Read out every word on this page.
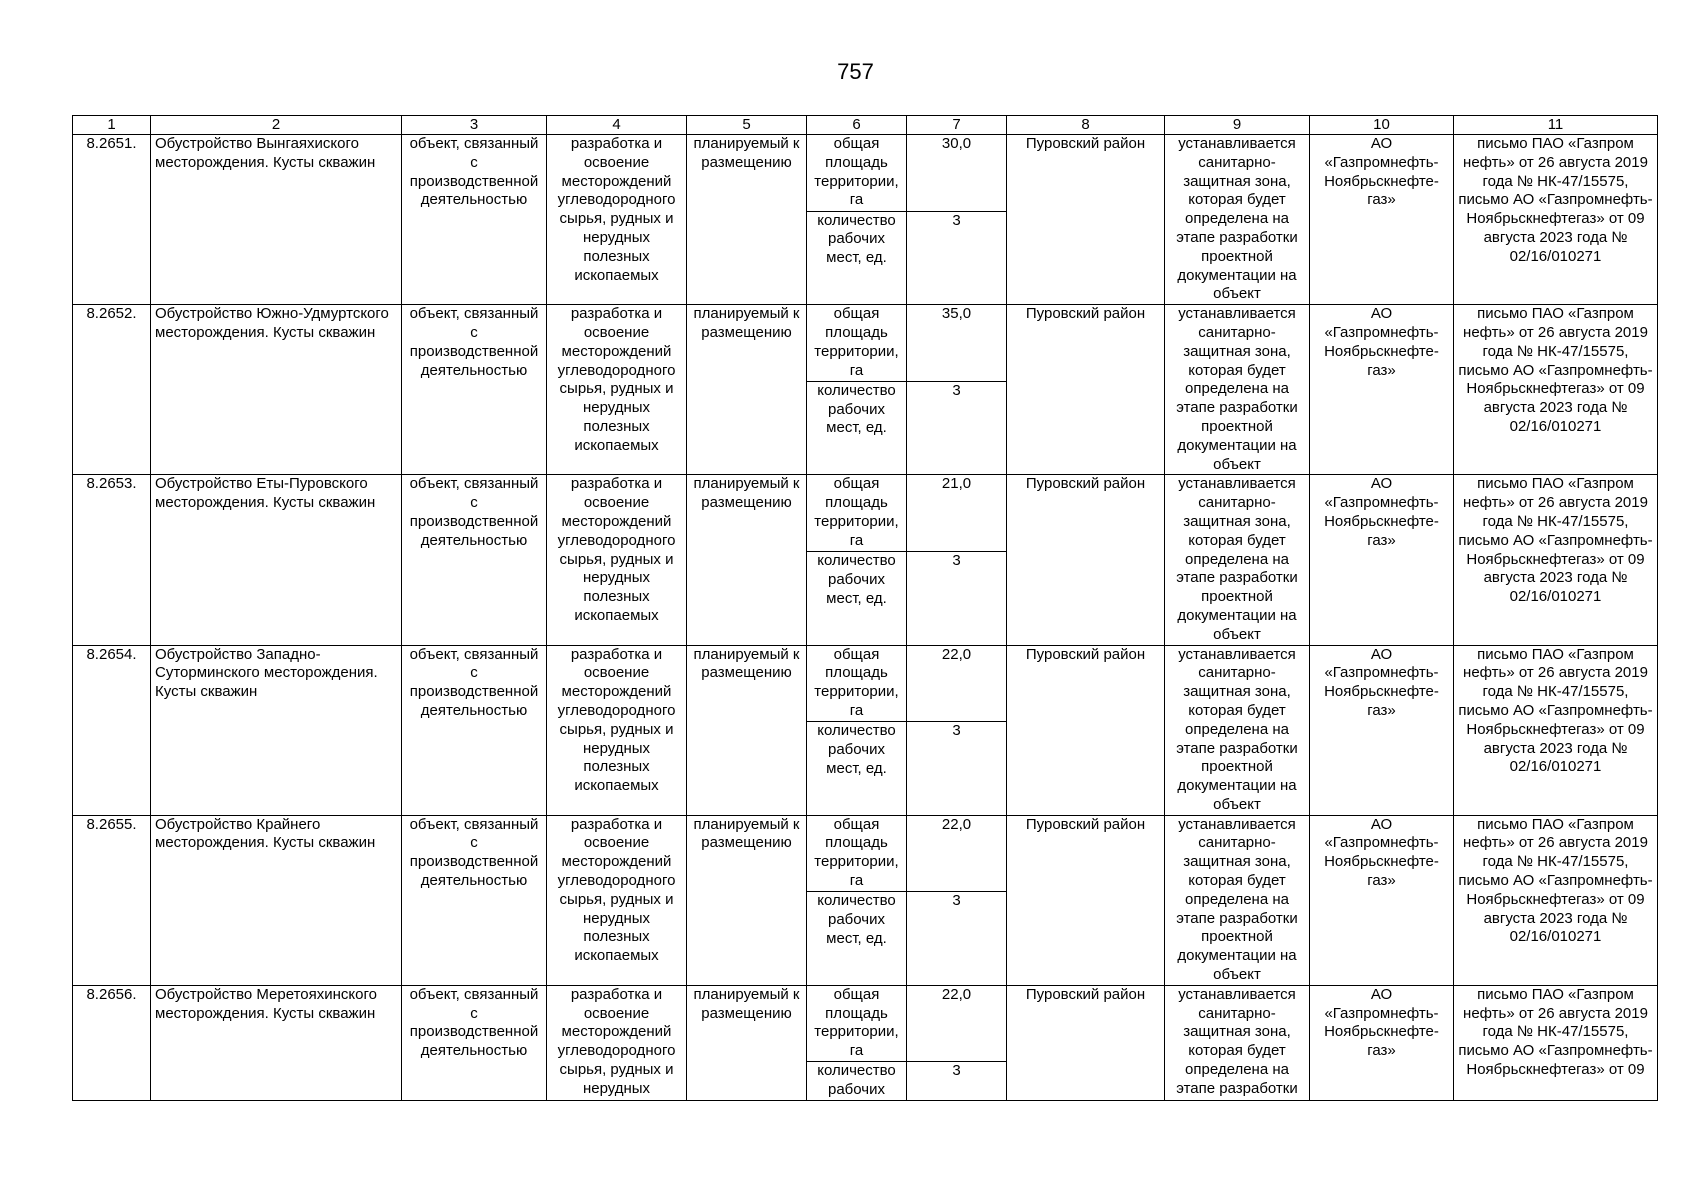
757
1	2	3	4	5	6	7	8	9	10	11
8.2651.	Обустройство Вынгаяхиского месторождения. Кусты скважин	объект, связанный с производственной деятельностью	разработка и освоение месторождений углеводородного сырья, рудных и нерудных полезных ископаемых	планируемый к размещению	общая площадь территории, га	30,0	Пуровский район	устанавливается санитарно-защитная зона, которая будет определена на этапе разработки проектной документации на объект	АО «Газпромнефть-Ноябрьскнефте-газ»	письмо ПАО «Газпром нефть» от 26 августа 2019 года № НК-47/15575, письмо АО «Газпромнефть-Ноябрьскнефтегаз» от 09 августа 2023 года № 02/16/010271
					количество рабочих мест, ед.	3				
8.2652.	Обустройство Южно-Удмуртского месторождения. Кусты скважин	объект, связанный с производственной деятельностью	разработка и освоение месторождений углеводородного сырья, рудных и нерудных полезных ископаемых	планируемый к размещению	общая площадь территории, га	35,0	Пуровский район	устанавливается санитарно-защитная зона, которая будет определена на этапе разработки проектной документации на объект	АО «Газпромнефть-Ноябрьскнефте-газ»	письмо ПАО «Газпром нефть» от 26 августа 2019 года № НК-47/15575, письмо АО «Газпромнефть-Ноябрьскнефтегаз» от 09 августа 2023 года № 02/16/010271
					количество рабочих мест, ед.	3				
8.2653.	Обустройство Еты-Пуровского месторождения. Кусты скважин	объект, связанный с производственной деятельностью	разработка и освоение месторождений углеводородного сырья, рудных и нерудных полезных ископаемых	планируемый к размещению	общая площадь территории, га	21,0	Пуровский район	устанавливается санитарно-защитная зона, которая будет определена на этапе разработки проектной документации на объект	АО «Газпромнефть-Ноябрьскнефте-газ»	письмо ПАО «Газпром нефть» от 26 августа 2019 года № НК-47/15575, письмо АО «Газпромнефть-Ноябрьскнефтегаз» от 09 августа 2023 года № 02/16/010271
					количество рабочих мест, ед.	3				
8.2654.	Обустройство Западно-Суторминского месторождения. Кусты скважин	объект, связанный с производственной деятельностью	разработка и освоение месторождений углеводородного сырья, рудных и нерудных полезных ископаемых	планируемый к размещению	общая площадь территории, га	22,0	Пуровский район	устанавливается санитарно-защитная зона, которая будет определена на этапе разработки проектной документации на объект	АО «Газпромнефть-Ноябрьскнефте-газ»	письмо ПАО «Газпром нефть» от 26 августа 2019 года № НК-47/15575, письмо АО «Газпромнефть-Ноябрьскнефтегаз» от 09 августа 2023 года № 02/16/010271
					количество рабочих мест, ед.	3				
8.2655.	Обустройство Крайнего месторождения. Кусты скважин	объект, связанный с производственной деятельностью	разработка и освоение месторождений углеводородного сырья, рудных и нерудных полезных ископаемых	планируемый к размещению	общая площадь территории, га	22,0	Пуровский район	устанавливается санитарно-защитная зона, которая будет определена на этапе разработки проектной документации на объект	АО «Газпромнефть-Ноябрьскнефте-газ»	письмо ПАО «Газпром нефть» от 26 августа 2019 года № НК-47/15575, письмо АО «Газпромнефть-Ноябрьскнефтегаз» от 09 августа 2023 года № 02/16/010271
					количество рабочих мест, ед.	3				
8.2656.	Обустройство Меретояхинского месторождения. Кусты скважин	объект, связанный с производственной деятельностью	разработка и освоение месторождений углеводородного сырья, рудных и нерудных	планируемый к размещению	общая площадь территории, га	22,0	Пуровский район	устанавливается санитарно-защитная зона, которая будет определена на этапе разработки	АО «Газпромнефть-Ноябрьскнефте-газ»	письмо ПАО «Газпром нефть» от 26 августа 2019 года № НК-47/15575, письмо АО «Газпромнефть-Ноябрьскнефтегаз» от 09
					количество рабочих	3				
